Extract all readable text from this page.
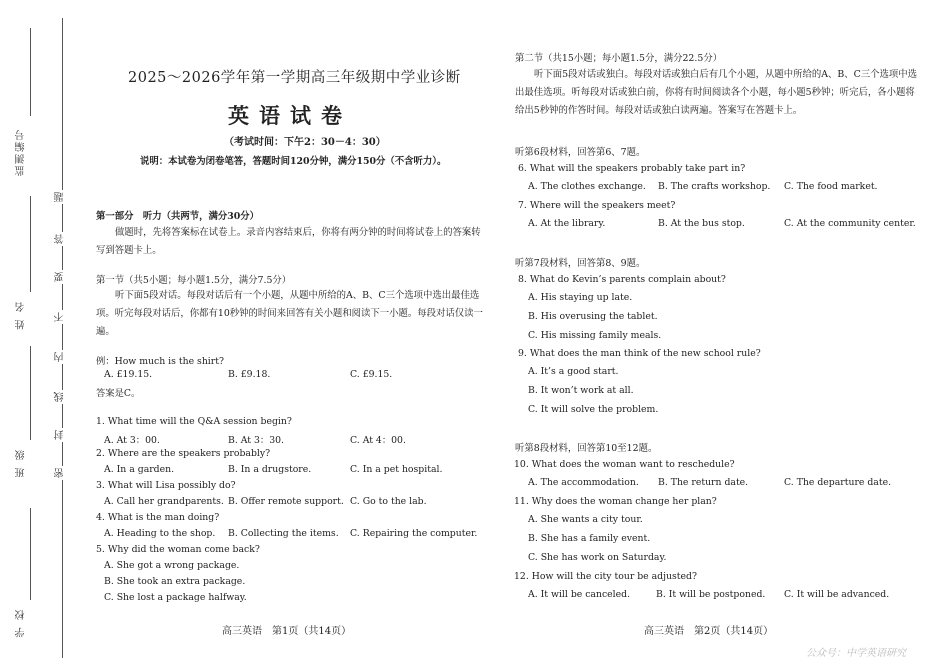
监测编号
姓 名
班 级
学 校
题
答
要
不
内
线
封
密
2025～2026学年第一学期高三年级期中学业诊断
英语试卷
（考试时间：下午2：30－4：30）
说明：本试卷为闭卷笔答，答题时间120分钟，满分150分（不含听力）。
第一部分　听力（共两节，满分30分）
做题时，先将答案标在试卷上。录音内容结束后，你将有两分钟的时间将试卷上的答案转写到答题卡上。
第一节（共5小题；每小题1.5分，满分7.5分）
听下面5段对话。每段对话后有一个小题，从题中所给的A、B、C三个选项中选出最佳选项。听完每段对话后，你都有10秒钟的时间来回答有关小题和阅读下一小题。每段对话仅读一遍。
例：How much is the shirt?
A. £19.15.	B. £9.18.	C. £9.15.
答案是C。
1. What time will the Q&A session begin?
A. At 3：00.	B. At 3：30.	C. At 4：00.
2. Where are the speakers probably?
A. In a garden.	B. In a drugstore.	C. In a pet hospital.
3. What will Lisa possibly do?
A. Call her grandparents. B. Offer remote support. C. Go to the lab.
4. What is the man doing?
A. Heading to the shop. B. Collecting the items. C. Repairing the computer.
5. Why did the woman come back?
A. She got a wrong package.
B. She took an extra package.
C. She lost a package halfway.
高三英语　第1页（共14页）
第二节（共15小题；每小题1.5分，满分22.5分）
听下面5段对话或独白。每段对话或独白后有几个小题，从题中所给的A、B、C三个选项中选出最佳选项。听每段对话或独白前，你将有时间阅读各个小题，每小题5秒钟；听完后，各小题将给出5秒钟的作答时间。每段对话或独白读两遍。答案写在答题卡上。
听第6段材料，回答第6、7题。
6. What will the speakers probably take part in?
A. The clothes exchange. B. The crafts workshop. C. The food market.
7. Where will the speakers meet?
A. At the library.	B. At the bus stop.	C. At the community center.
听第7段材料，回答第8、9题。
8. What do Kevin’s parents complain about?
A. His staying up late.
B. His overusing the tablet.
C. His missing family meals.
9. What does the man think of the new school rule?
A. It’s a good start.
B. It won’t work at all.
C. It will solve the problem.
听第8段材料，回答第10至12题。
10. What does the woman want to reschedule?
A. The accommodation. B. The return date.	C. The departure date.
11. Why does the woman change her plan?
A. She wants a city tour.
B. She has a family event.
C. She has work on Saturday.
12. How will the city tour be adjusted?
A. It will be canceled.	B. It will be postponed. C. It will be advanced.
高三英语　第2页（共14页）
公众号：中学英语研究
